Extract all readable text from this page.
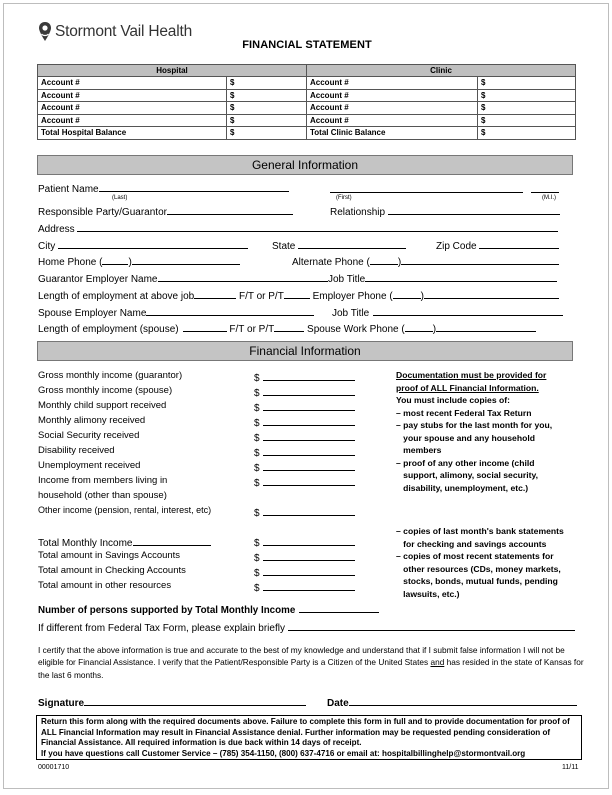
Stormont Vail Health
FINANCIAL STATEMENT
Hospital		Clinic	
Account #	$	Account #	$
Account #	$	Account #	$
Account #	$	Account #	$
Account #	$	Account #	$
Total Hospital Balance	$	Total Clinic Balance	$
General Information
Patient Name
(Last)	(First)	(M.I.)
Responsible Party/Guarantor	Relationship
Address
City	State	Zip Code
Home Phone (	)	Alternate Phone (	)
Guarantor Employer Name	Job Title
Length of employment at above job	F/T or P/T	Employer Phone (	)
Spouse Employer Name	Job Title
Length of employment (spouse)	F/T or P/T	Spouse Work Phone (	)
Financial Information
Gross monthly income (guarantor)	$
Gross monthly income (spouse)	$
Monthly child support received	$
Monthly alimony received	$
Social Security received	$
Disability received	$
Unemployment received	$
Income from members living in	$
household (other than spouse)
Other income (pension, rental, interest, etc)	$
Total Monthly Income	$
Total amount in Savings Accounts	$
Total amount in Checking Accounts	$
Total amount in other resources	$
Documentation must be provided for
proof of ALL Financial Information.
You must include copies of:
– most recent Federal Tax Return
– pay stubs for the last month for you,
your spouse and any household
members
– proof of any other income (child
support, alimony, social security,
disability, unemployment, etc.)
– copies of last month's bank statements
for checking and savings accounts
– copies of most recent statements for
other resources (CDs, money markets,
stocks, bonds, mutual funds, pending
lawsuits, etc.)
Number of persons supported by Total Monthly Income
If different from Federal Tax Form, please explain briefly
I certify that the above information is true and accurate to the best of my knowledge and understand that if I submit false information I will not be eligible for Financial Assistance. I verify that the Patient/Responsible Party is a Citizen of the United States and has resided in the state of Kansas for the last 6 months.
Signature	Date
Return this form along with the required documents above. Failure to complete this form in full and to provide documentation for proof of ALL Financial Information may result in Financial Assistance denial. Further information may be requested pending consideration of Financial Assistance. All required information is due back within 14 days of receipt.
If you have questions call Customer Service – (785) 354-1150, (800) 637-4716 or email at: hospitalbillinghelp@stormontvail.org
00001710	11/11
